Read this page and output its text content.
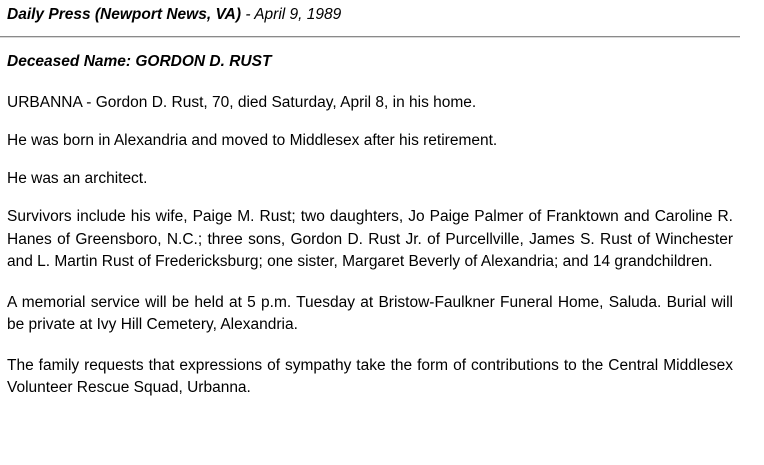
Daily Press (Newport News, VA) - April 9, 1989
Deceased Name: GORDON D. RUST

URBANNA - Gordon D. Rust, 70, died Saturday, April 8, in his home.

He was born in Alexandria and moved to Middlesex after his retirement.

He was an architect.

Survivors include his wife, Paige M. Rust; two daughters, Jo Paige Palmer of Franktown and Caroline R. Hanes of Greensboro, N.C.; three sons, Gordon D. Rust Jr. of Purcellville, James S. Rust of Winchester and L. Martin Rust of Fredericksburg; one sister, Margaret Beverly of Alexandria; and 14 grandchildren.

A memorial service will be held at 5 p.m. Tuesday at Bristow-Faulkner Funeral Home, Saluda. Burial will be private at Ivy Hill Cemetery, Alexandria.

The family requests that expressions of sympathy take the form of contributions to the Central Middlesex Volunteer Rescue Squad, Urbanna.
